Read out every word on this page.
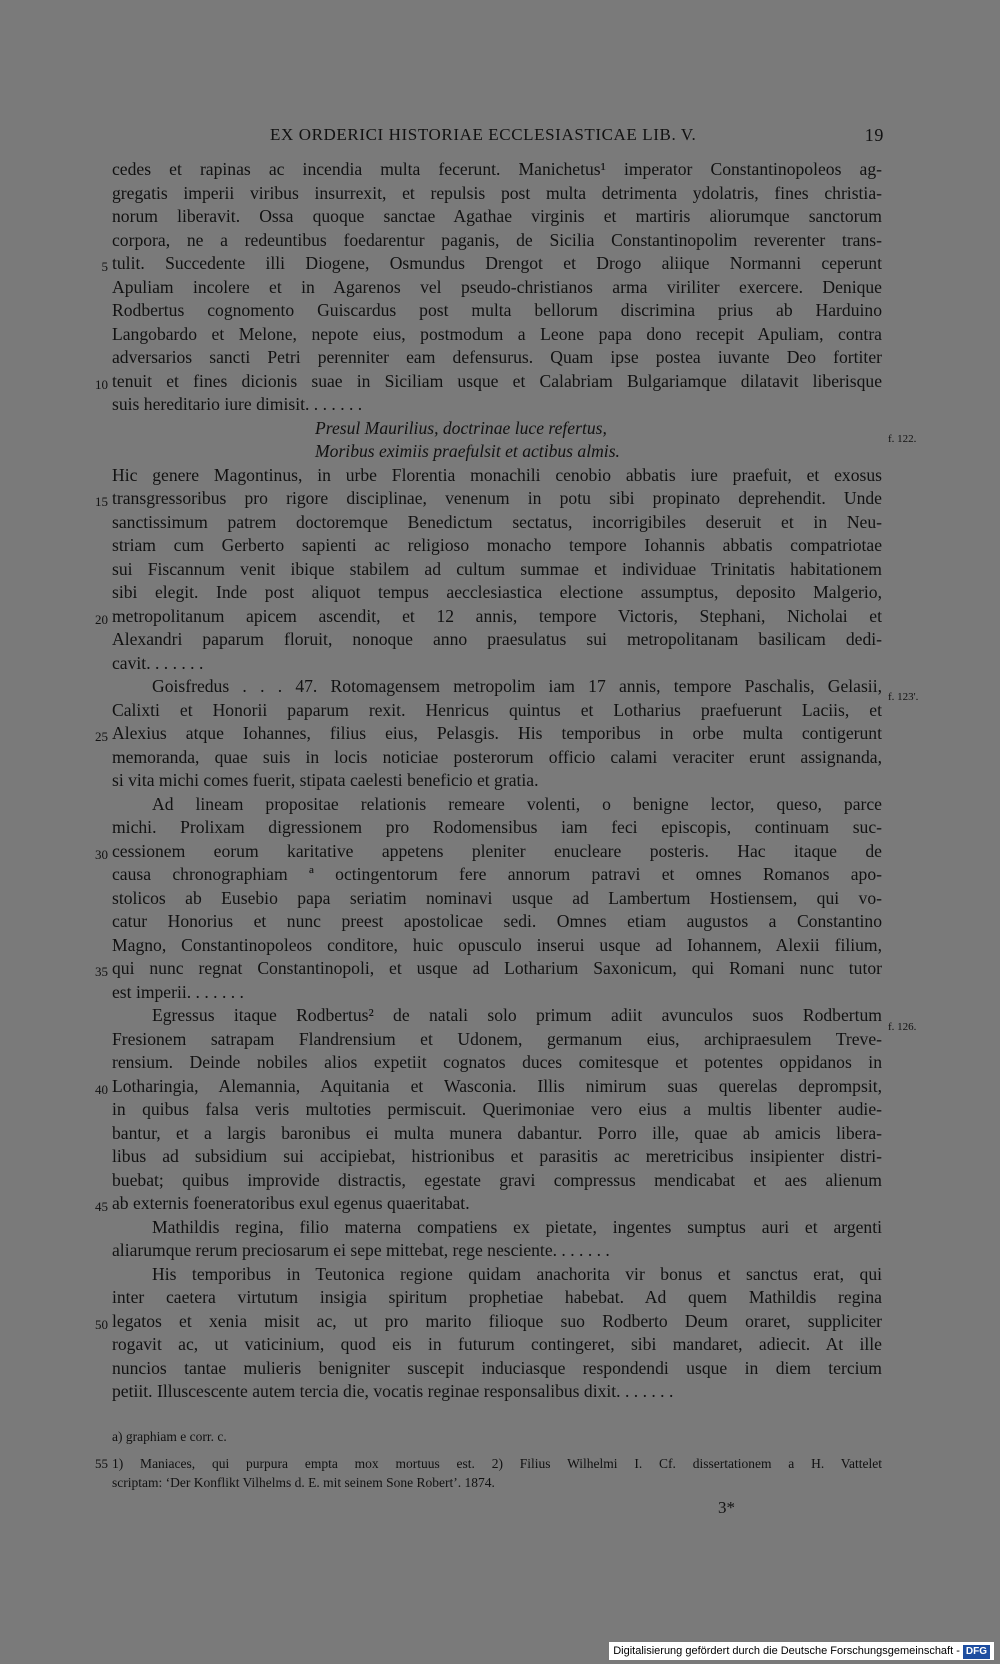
EX ORDERICI HISTORIAE ECCLESIASTICAE LIB. V.	19
cedes et rapinas ac incendia multa fecerunt. Manichetus¹ imperator Constantinopoleos ag-
gregatis imperii viribus insurrexit, et repulsis post multa detrimenta ydolatris, fines christia-
norum liberavit. Ossa quoque sanctae Agathae virginis et martiris aliorumque sanctorum
corpora, ne a redeuntibus foedarentur paganis, de Sicilia Constantinopolim reverenter trans-
tulit. Succedente illi Diogene, Osmundus Drengot et Drogo aliique Normanni ceperunt
Apuliam incolere et in Agarenos vel pseudo-christianos arma viriliter exercere. Denique
Rodbertus cognomento Guiscardus post multa bellorum discrimina prius ab Harduino
Langobardo et Melone, nepote eius, postmodum a Leone papa dono recepit Apuliam, contra
adversarios sancti Petri perenniter eam defensurus. Quam ipse postea iuvante Deo fortiter
tenuit et fines dicionis suae in Siciliam usque et Calabriam Bulgariamque dilatavit liberisque
suis hereditario iure dimisit. . . . . . .
Presul Maurilius, doctrinae luce refertus,
Moribus eximiis praefulsit et actibus almis.
Hic genere Magontinus, in urbe Florentia monachili cenobio abbatis iure praefuit, et exosus
transgressoribus pro rigore disciplinae, venenum in potu sibi propinato deprehendit. Unde
sanctissimum patrem doctoremque Benedictum sectatus, incorrigibiles deseruit et in Neu-
striam cum Gerberto sapienti ac religioso monacho tempore Iohannis abbatis compatriotae
sui Fiscannum venit ibique stabilem ad cultum summae et individuae Trinitatis habitationem
sibi elegit. Inde post aliquot tempus aecclesiastica electione assumptus, deposito Malgerio,
metropolitanum apicem ascendit, et 12 annis, tempore Victoris, Stephani, Nicholai et
Alexandri paparum floruit, nonoque anno praesulatus sui metropolitanam basilicam dedi-
cavit. . . . . . .
Goisfredus . . . 47. Rotomagensem metropolim iam 17 annis, tempore Paschalis, Gelasii,
Calixti et Honorii paparum rexit. Henricus quintus et Lotharius praefuerunt Laciis, et
Alexius atque Iohannes, filius eius, Pelasgis. His temporibus in orbe multa contigerunt
memoranda, quae suis in locis noticiae posterorum officio calami veraciter erunt assignanda,
si vita michi comes fuerit, stipata caelesti beneficio et gratia.
Ad lineam propositae relationis remeare volenti, o benigne lector, queso, parce
michi. Prolixam digressionem pro Rodomensibus iam feci episcopis, continuam suc-
cessionem eorum karitative appetens pleniter enucleare posteris. Hac itaque de
causa chronographiam ª octingentorum fere annorum patravi et omnes Romanos apo-
stolicos ab Eusebio papa seriatim nominavi usque ad Lambertum Hostiensem, qui vo-
catur Honorius et nunc preest apostolicae sedi. Omnes etiam augustos a Constantino
Magno, Constantinopoleos conditore, huic opusculo inserui usque ad Iohannem, Alexii filium,
qui nunc regnat Constantinopoli, et usque ad Lotharium Saxonicum, qui Romani nunc tutor
est imperii. . . . . . .
Egressus itaque Rodbertus² de natali solo primum adiit avunculos suos Rodbertum
Fresionem satrapam Flandrensium et Udonem, germanum eius, archipraesulem Treve-
rensium. Deinde nobiles alios expetiit cognatos duces comitesque et potentes oppidanos in
Lotharingia, Alemannia, Aquitania et Wasconia. Illis nimirum suas querelas deprompsit,
in quibus falsa veris multoties permiscuit. Querimoniae vero eius a multis libenter audie-
bantur, et a largis baronibus ei multa munera dabantur. Porro ille, quae ab amicis libera-
libus ad subsidium sui accipiebat, histrionibus et parasitis ac meretricibus insipienter distri-
buebat; quibus improvide distractis, egestate gravi compressus mendicabat et aes alienum
ab externis foeneratoribus exul egenus quaeritabat.
Mathildis regina, filio materna compatiens ex pietate, ingentes sumptus auri et argenti
aliarumque rerum preciosarum ei sepe mittebat, rege nesciente. . . . . . .
His temporibus in Teutonica regione quidam anachorita vir bonus et sanctus erat, qui
inter caetera virtutum insigia spiritum prophetiae habebat. Ad quem Mathildis regina
legatos et xenia misit ac, ut pro marito filioque suo Rodberto Deum oraret, suppliciter
rogavit ac, ut vaticinium, quod eis in futurum contingeret, sibi mandaret, adiecit. At ille
nuncios tantae mulieris benigniter suscepit induciasque respondendi usque in diem tercium
petiit. Illuscescente autem tercia die, vocatis reginae responsalibus dixit. . . . . . .
5
10
15
20
25
30
35
40
45
50
55
f. 122.
f. 123'.
f. 126.
a) graphiam e corr. c.
1) Maniaces, qui purpura empta mox mortuus est. 2) Filius Wilhelmi I. Cf. dissertationem a H. Vattelet
scriptam: ‘Der Konflikt Vilhelms d. E. mit seinem Sone Robert’. 1874.
3*
Digitalisierung gefördert durch die Deutsche Forschungsgemeinschaft - DFG
